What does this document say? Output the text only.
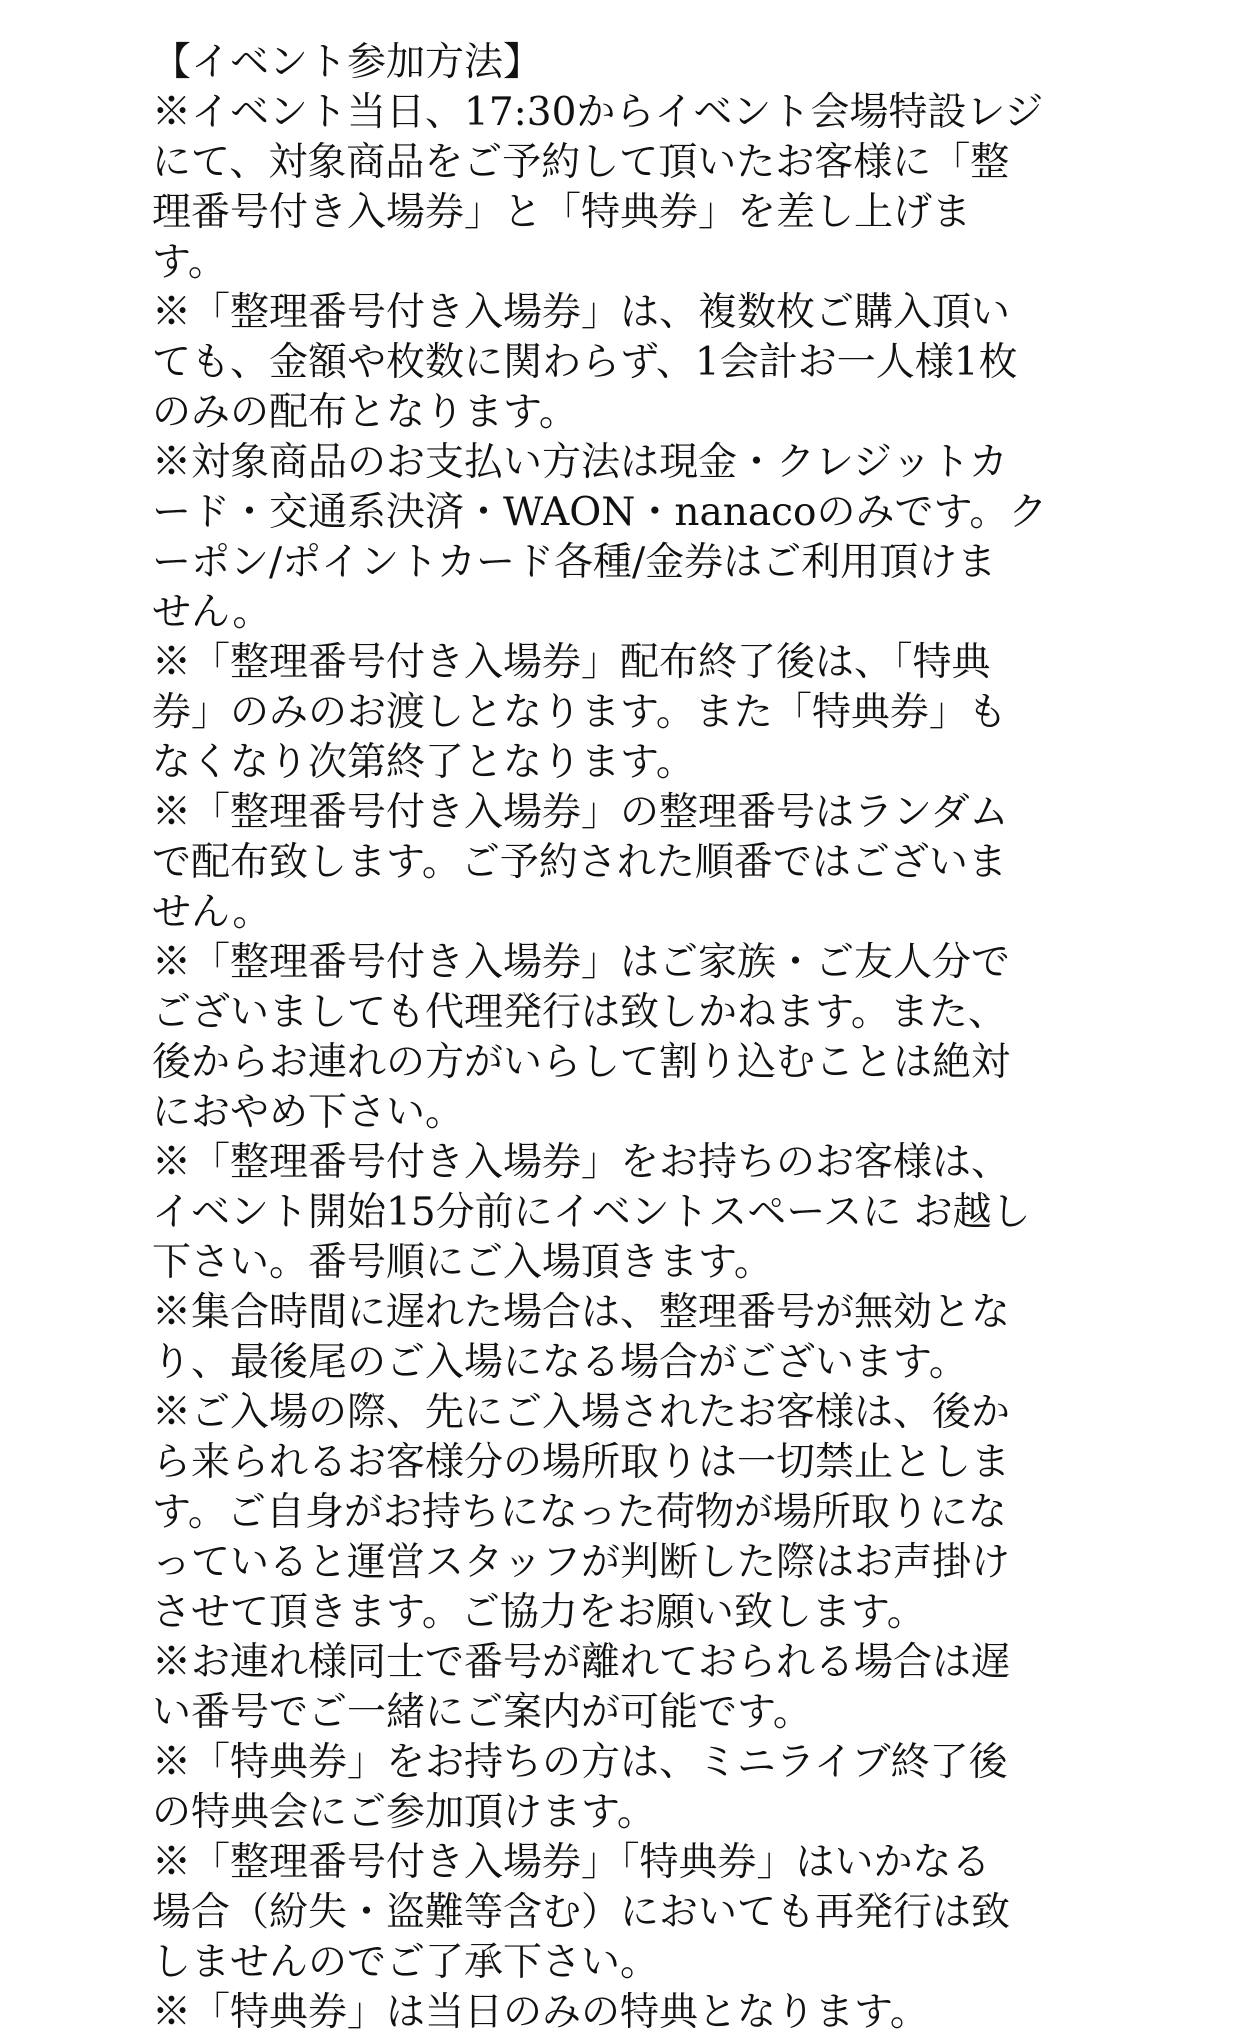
【イベント参加方法】
※イベント当日、17:30からイベント会場特設レジ
にて、対象商品をご予約して頂いたお客様に「整
理番号付き入場券」と「特典券」を差し上げま
す。
※「整理番号付き入場券」は、複数枚ご購入頂い
ても、金額や枚数に関わらず、1会計お一人様1枚
のみの配布となります。
※対象商品のお支払い方法は現金・クレジットカ
ード・交通系決済・WAON・nanacoのみです。ク
ーポン/ポイントカード各種/金券はご利用頂けま
せん。
※「整理番号付き入場券」配布終了後は、「特典
券」のみのお渡しとなります。また「特典券」も
なくなり次第終了となります。
※「整理番号付き入場券」の整理番号はランダム
で配布致します。ご予約された順番ではございま
せん。
※「整理番号付き入場券」はご家族・ご友人分で
ございましても代理発行は致しかねます。また、
後からお連れの方がいらして割り込むことは絶対
におやめ下さい。
※「整理番号付き入場券」をお持ちのお客様は、
イベント開始15分前にイベントスペースに お越し
下さい。番号順にご入場頂きます。
※集合時間に遅れた場合は、整理番号が無効とな
り、最後尾のご入場になる場合がございます。
※ご入場の際、先にご入場されたお客様は、後か
ら来られるお客様分の場所取りは一切禁止としま
す。ご自身がお持ちになった荷物が場所取りにな
っていると運営スタッフが判断した際はお声掛け
させて頂きます。ご協力をお願い致します。
※お連れ様同士で番号が離れておられる場合は遅
い番号でご一緒にご案内が可能です。
※「特典券」をお持ちの方は、ミニライブ終了後
の特典会にご参加頂けます。
※「整理番号付き入場券」「特典券」はいかなる
場合（紛失・盗難等含む）においても再発行は致
しませんのでご了承下さい。
※「特典券」は当日のみの特典となります。
